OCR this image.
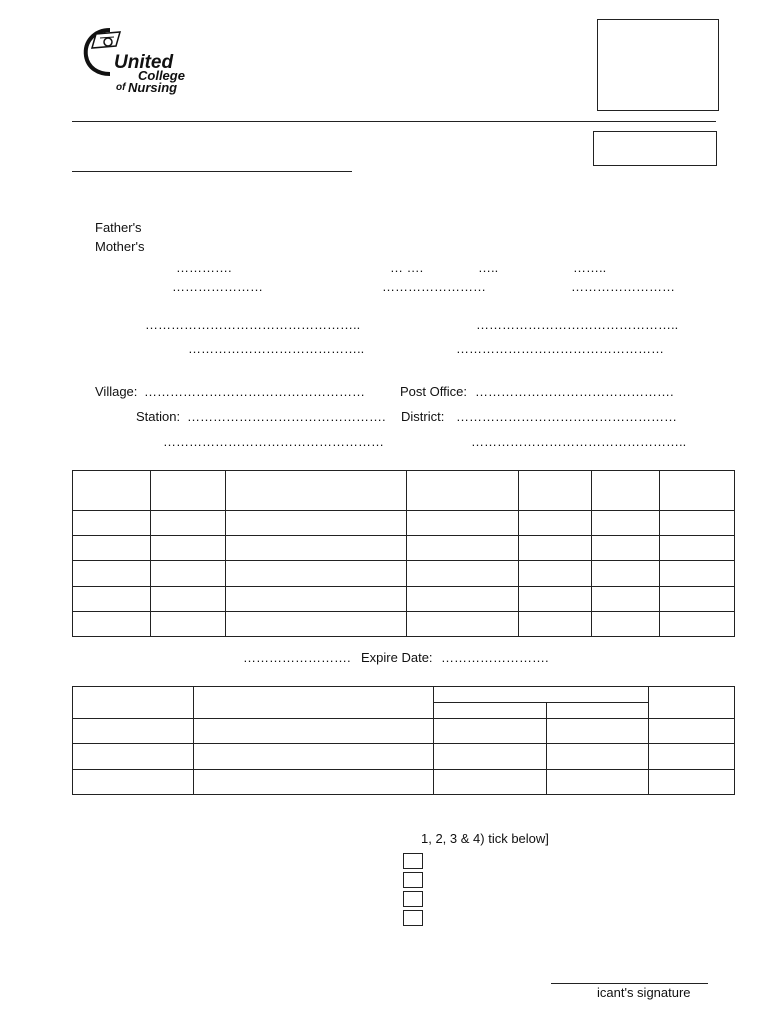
United
College
of Nursing
Father's
Mother's
………….	… ….	…..	……..
…………………	……………………	……………………
…………………………………………..	………………………………………..
…………………………………..	…………………………………………
Village: ……………………………………………	Post Office: ……………………………………….
Station: ………………………………………. District: ……………………………………………
……………………………………………	…………………………………………..

……………………. Expire Date: …………………….

1, 2, 3 & 4) tick below]
icant's signature
